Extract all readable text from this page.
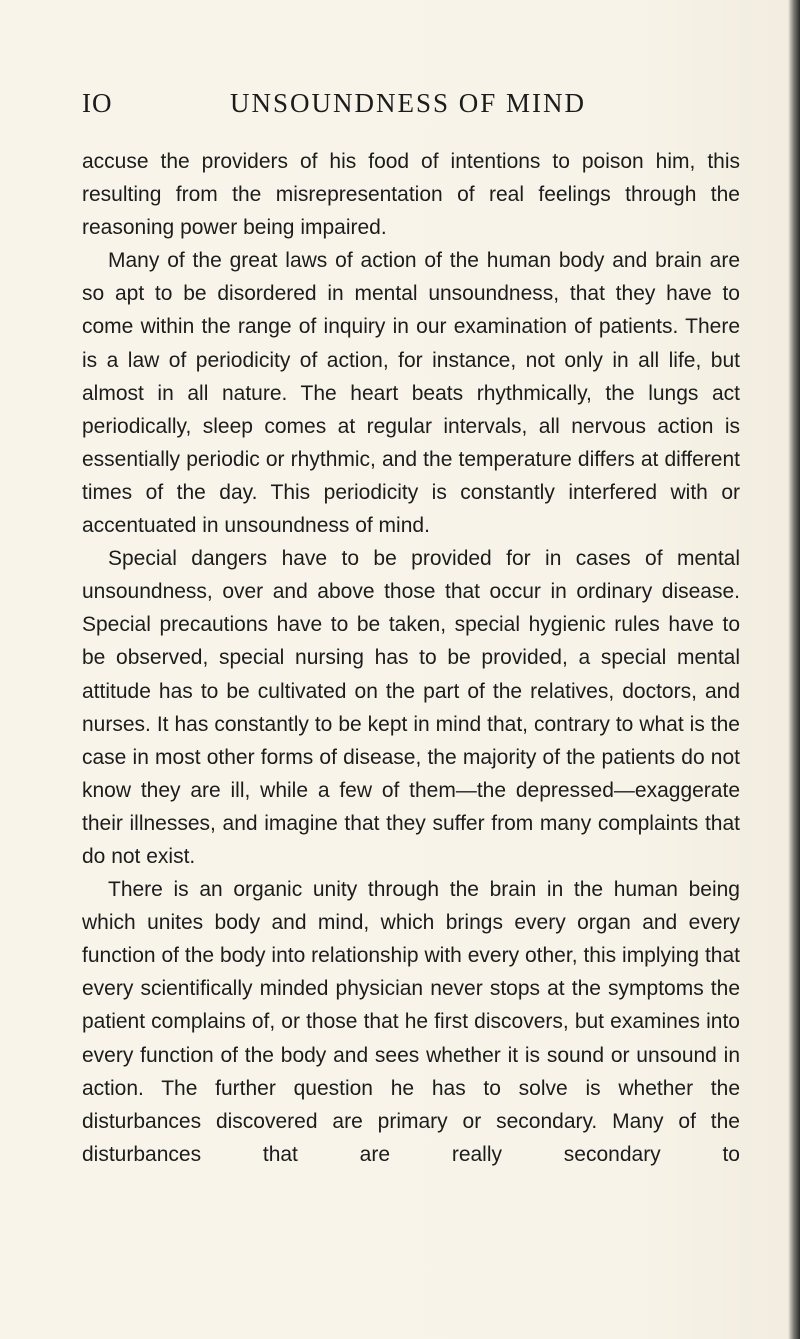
IO	UNSOUNDNESS OF MIND

accuse the providers of his food of intentions to poison him, this resulting from the misrepresentation of real feelings through the reasoning power being impaired.

Many of the great laws of action of the human body and brain are so apt to be disordered in mental unsoundness, that they have to come within the range of inquiry in our examination of patients. There is a law of periodicity of action, for instance, not only in all life, but almost in all nature. The heart beats rhythmically, the lungs act periodically, sleep comes at regular intervals, all nervous action is essentially periodic or rhythmic, and the temperature differs at different times of the day. This periodicity is constantly interfered with or accentuated in unsoundness of mind.

Special dangers have to be provided for in cases of mental unsoundness, over and above those that occur in ordinary disease. Special precautions have to be taken, special hygienic rules have to be observed, special nursing has to be provided, a special mental attitude has to be cultivated on the part of the relatives, doctors, and nurses. It has constantly to be kept in mind that, contrary to what is the case in most other forms of disease, the majority of the patients do not know they are ill, while a few of them—the depressed—exaggerate their illnesses, and imagine that they suffer from many complaints that do not exist.

There is an organic unity through the brain in the human being which unites body and mind, which brings every organ and every function of the body into relationship with every other, this implying that every scientifically minded physician never stops at the symptoms the patient complains of, or those that he first discovers, but examines into every function of the body and sees whether it is sound or unsound in action. The further question he has to solve is whether the disturbances discovered are primary or secondary. Many of the disturbances that are really secondary to
